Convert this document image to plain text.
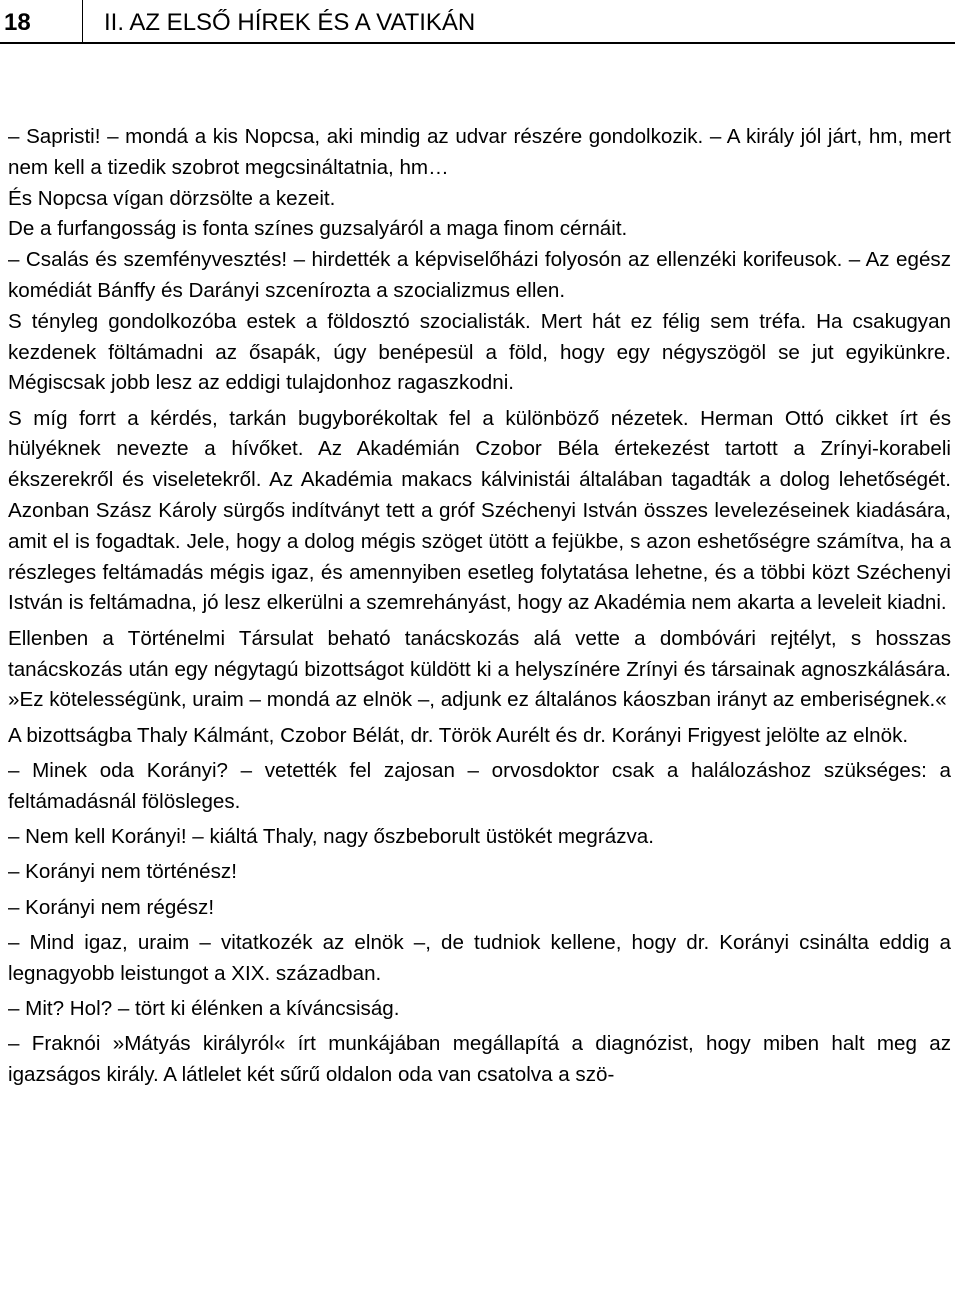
18	II. AZ ELSŐ HÍREK ÉS A VATIKÁN

– Sapristi! – mondá a kis Nopcsa, aki mindig az udvar részére gondolkozik. – A király jól járt, hm, mert nem kell a tizedik szobrot megcsináltatnia, hm…

És Nopcsa vígan dörzsölte a kezeit.

De a furfangosság is fonta színes guzsalyáról a maga finom cérnáit.

– Csalás és szemfényvesztés! – hirdették a képviselőházi folyosón az ellenzéki korifeusok. – Az egész komédiát Bánffy és Darányi szcenírozta a szocializmus ellen.

S tényleg gondolkozóba estek a földosztó szocialisták. Mert hát ez félig sem tréfa. Ha csakugyan kezdenek föltámadni az ősapák, úgy benépesül a föld, hogy egy négyszögöl se jut egyikünkre. Mégiscsak jobb lesz az eddigi tulajdonhoz ragaszkodni.

S míg forrt a kérdés, tarkán bugyborékoltak fel a különböző nézetek. Herman Ottó cikket írt és hülyéknek nevezte a hívőket. Az Akadémián Czobor Béla értekezést tartott a Zrínyi-korabeli ékszerekről és viseletekről. Az Akadémia makacs kálvinistái általában tagadták a dolog lehetőségét. Azonban Szász Károly sürgős indítványt tett a gróf Széchenyi István összes levelezéseinek kiadására, amit el is fogadtak. Jele, hogy a dolog mégis szöget ütött a fejükbe, s azon eshetőségre számítva, ha a részleges feltámadás mégis igaz, és amennyiben esetleg folytatása lehetne, és a többi közt Széchenyi István is feltámadna, jó lesz elkerülni a szemrehányást, hogy az Akadémia nem akarta a leveleit kiadni.

Ellenben a Történelmi Társulat beható tanácskozás alá vette a dombóvári rejtélyt, s hosszas tanácskozás után egy négytagú bizottságot küldött ki a helyszínére Zrínyi és társainak agnoszkálására. »Ez kötelességünk, uraim – mondá az elnök –, adjunk ez általános káoszban irányt az emberiségnek.«

A bizottságba Thaly Kálmánt, Czobor Bélát, dr. Török Aurélt és dr. Korányi Frigyest jelölte az elnök.

– Minek oda Korányi? – vetették fel zajosan – orvosdoktor csak a halálozáshoz szükséges: a feltámadásnál fölösleges.

– Nem kell Korányi! – kiáltá Thaly, nagy őszbeborult üstökét megrázva.

– Korányi nem történész!

– Korányi nem régész!

– Mind igaz, uraim – vitatkozék az elnök –, de tudniok kellene, hogy dr. Korányi csinálta eddig a legnagyobb leistungot a XIX. században.

– Mit? Hol? – tört ki élénken a kíváncsiság.

– Fraknói »Mátyás királyról« írt munkájában megállapítá a diagnózist, hogy miben halt meg az igazságos király. A látlelet két sűrű oldalon oda van csatolva a szö-
